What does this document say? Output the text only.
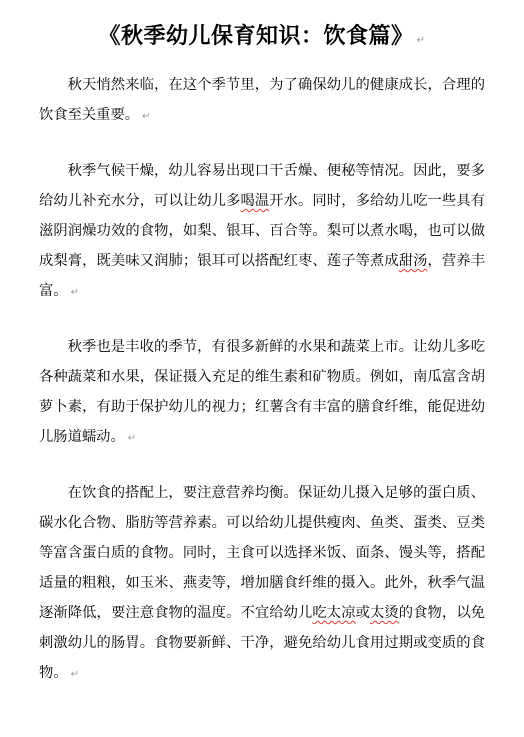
《秋季幼儿保育知识：饮食篇》 ↵

秋天悄然来临，在这个季节里，为了确保幼儿的健康成长，合理的饮食至关重要。 ↵

秋季气候干燥，幼儿容易出现口干舌燥、便秘等情况。因此，要多给幼儿补充水分，可以让幼儿多喝温开水。同时，多给幼儿吃一些具有滋阴润燥功效的食物，如梨、银耳、百合等。梨可以煮水喝，也可以做成梨膏，既美味又润肺；银耳可以搭配红枣、莲子等煮成甜汤，营养丰富。 ↵

秋季也是丰收的季节，有很多新鲜的水果和蔬菜上市。让幼儿多吃各种蔬菜和水果，保证摄入充足的维生素和矿物质。例如，南瓜富含胡萝卜素，有助于保护幼儿的视力；红薯含有丰富的膳食纤维，能促进幼儿肠道蠕动。 ↵

在饮食的搭配上，要注意营养均衡。保证幼儿摄入足够的蛋白质、碳水化合物、脂肪等营养素。可以给幼儿提供瘦肉、鱼类、蛋类、豆类等富含蛋白质的食物。同时，主食可以选择米饭、面条、馒头等，搭配适量的粗粮，如玉米、燕麦等，增加膳食纤维的摄入。此外，秋季气温逐渐降低，要注意食物的温度。不宜给幼儿吃太凉或太烫的食物，以免刺激幼儿的肠胃。食物要新鲜、干净，避免给幼儿食用过期或变质的食物。 ↵
